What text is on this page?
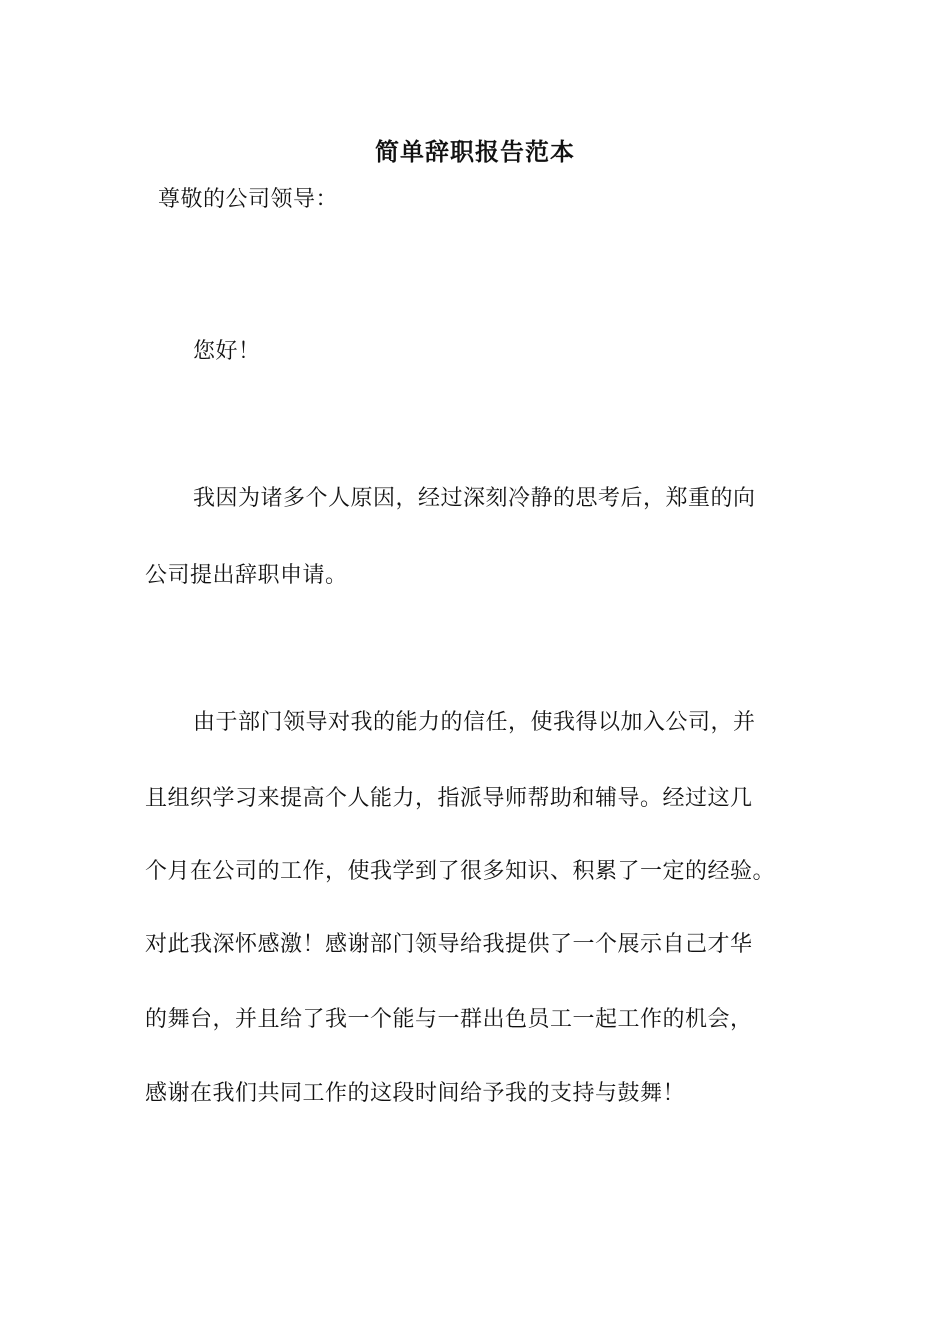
简单辞职报告范本
尊敬的公司领导：
您好！
我因为诸多个人原因，经过深刻冷静的思考后，郑重的向
公司提出辞职申请。
由于部门领导对我的能力的信任，使我得以加入公司，并
且组织学习来提高个人能力，指派导师帮助和辅导。经过这几
个月在公司的工作，使我学到了很多知识、积累了一定的经验。
对此我深怀感激！感谢部门领导给我提供了一个展示自己才华
的舞台，并且给了我一个能与一群出色员工一起工作的机会，
感谢在我们共同工作的这段时间给予我的支持与鼓舞！
